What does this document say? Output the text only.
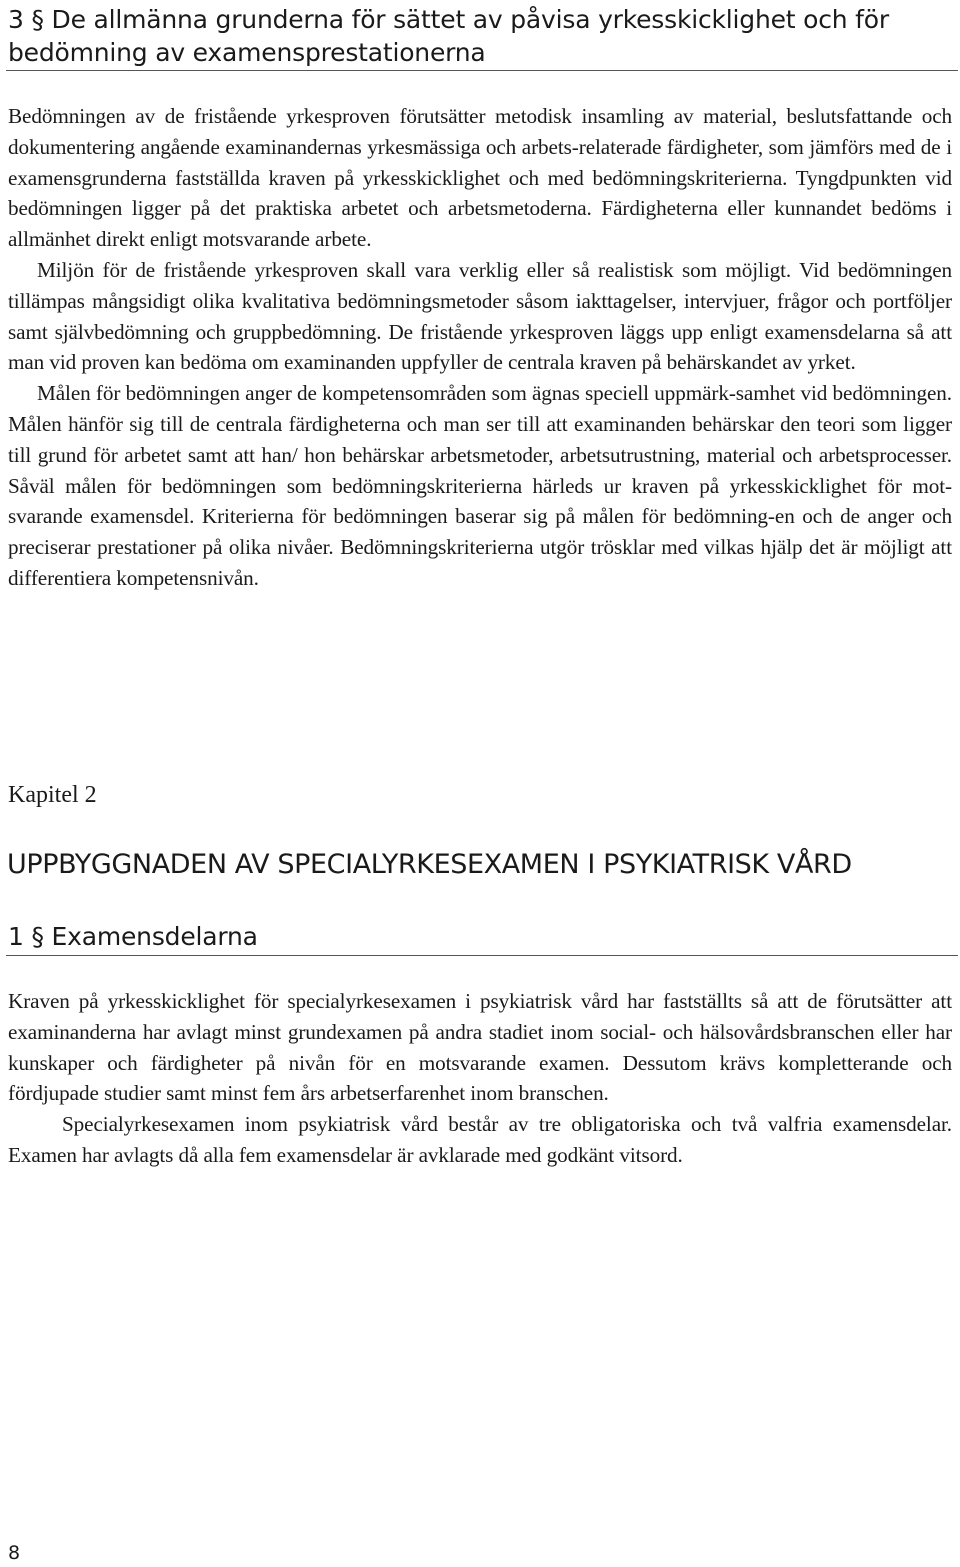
3 § De allmänna grunderna för sättet av påvisa yrkesskicklighet och för bedömning av examensprestationerna

Bedömningen av de fristående yrkesproven förutsätter metodisk insamling av material, beslutsfattande och dokumentering angående examinandernas yrkesmässiga och arbets-relaterade färdigheter, som jämförs med de i examensgrunderna fastställda kraven på yrkesskicklighet och med bedömningskriterierna. Tyngdpunkten vid bedömningen ligger på det praktiska arbetet och arbetsmetoderna. Färdigheterna eller kunnandet bedöms i allmänhet direkt enligt motsvarande arbete.

Miljön för de fristående yrkesproven skall vara verklig eller så realistisk som möjligt. Vid bedömningen tillämpas mångsidigt olika kvalitativa bedömningsmetoder såsom iakttagelser, intervjuer, frågor och portföljer samt självbedömning och gruppbedömning. De fristående yrkesproven läggs upp enligt examensdelarna så att man vid proven kan bedöma om examinanden uppfyller de centrala kraven på behärskandet av yrket.

Målen för bedömningen anger de kompetensområden som ägnas speciell uppmärk-samhet vid bedömningen. Målen hänför sig till de centrala färdigheterna och man ser till att examinanden behärskar den teori som ligger till grund för arbetet samt att han/ hon behärskar arbetsmetoder, arbetsutrustning, material och arbetsprocesser. Såväl målen för bedömningen som bedömningskriterierna härleds ur kraven på yrkesskicklighet för mot-svarande examensdel. Kriterierna för bedömningen baserar sig på målen för bedömning-en och de anger och preciserar prestationer på olika nivåer. Bedömningskriterierna utgör trösklar med vilkas hjälp det är möjligt att differentiera kompetensnivån.

Kapitel 2

UPPBYGGNADEN AV SPECIALYRKESEXAMEN I PSYKIATRISK VÅRD
1 § Examensdelarna

Kraven på yrkesskicklighet för specialyrkesexamen i psykiatrisk vård har fastställts så att de förutsätter att examinanderna har avlagt minst grundexamen på andra stadiet inom social- och hälsovårdsbranschen eller har kunskaper och färdigheter på nivån för en motsvarande examen. Dessutom krävs kompletterande och fördjupade studier samt minst fem års arbetserfarenhet inom branschen.

Specialyrkesexamen inom psykiatrisk vård består av tre obligatoriska och två valfria examensdelar. Examen har avlagts då alla fem examensdelar är avklarade med godkänt vitsord.

8
